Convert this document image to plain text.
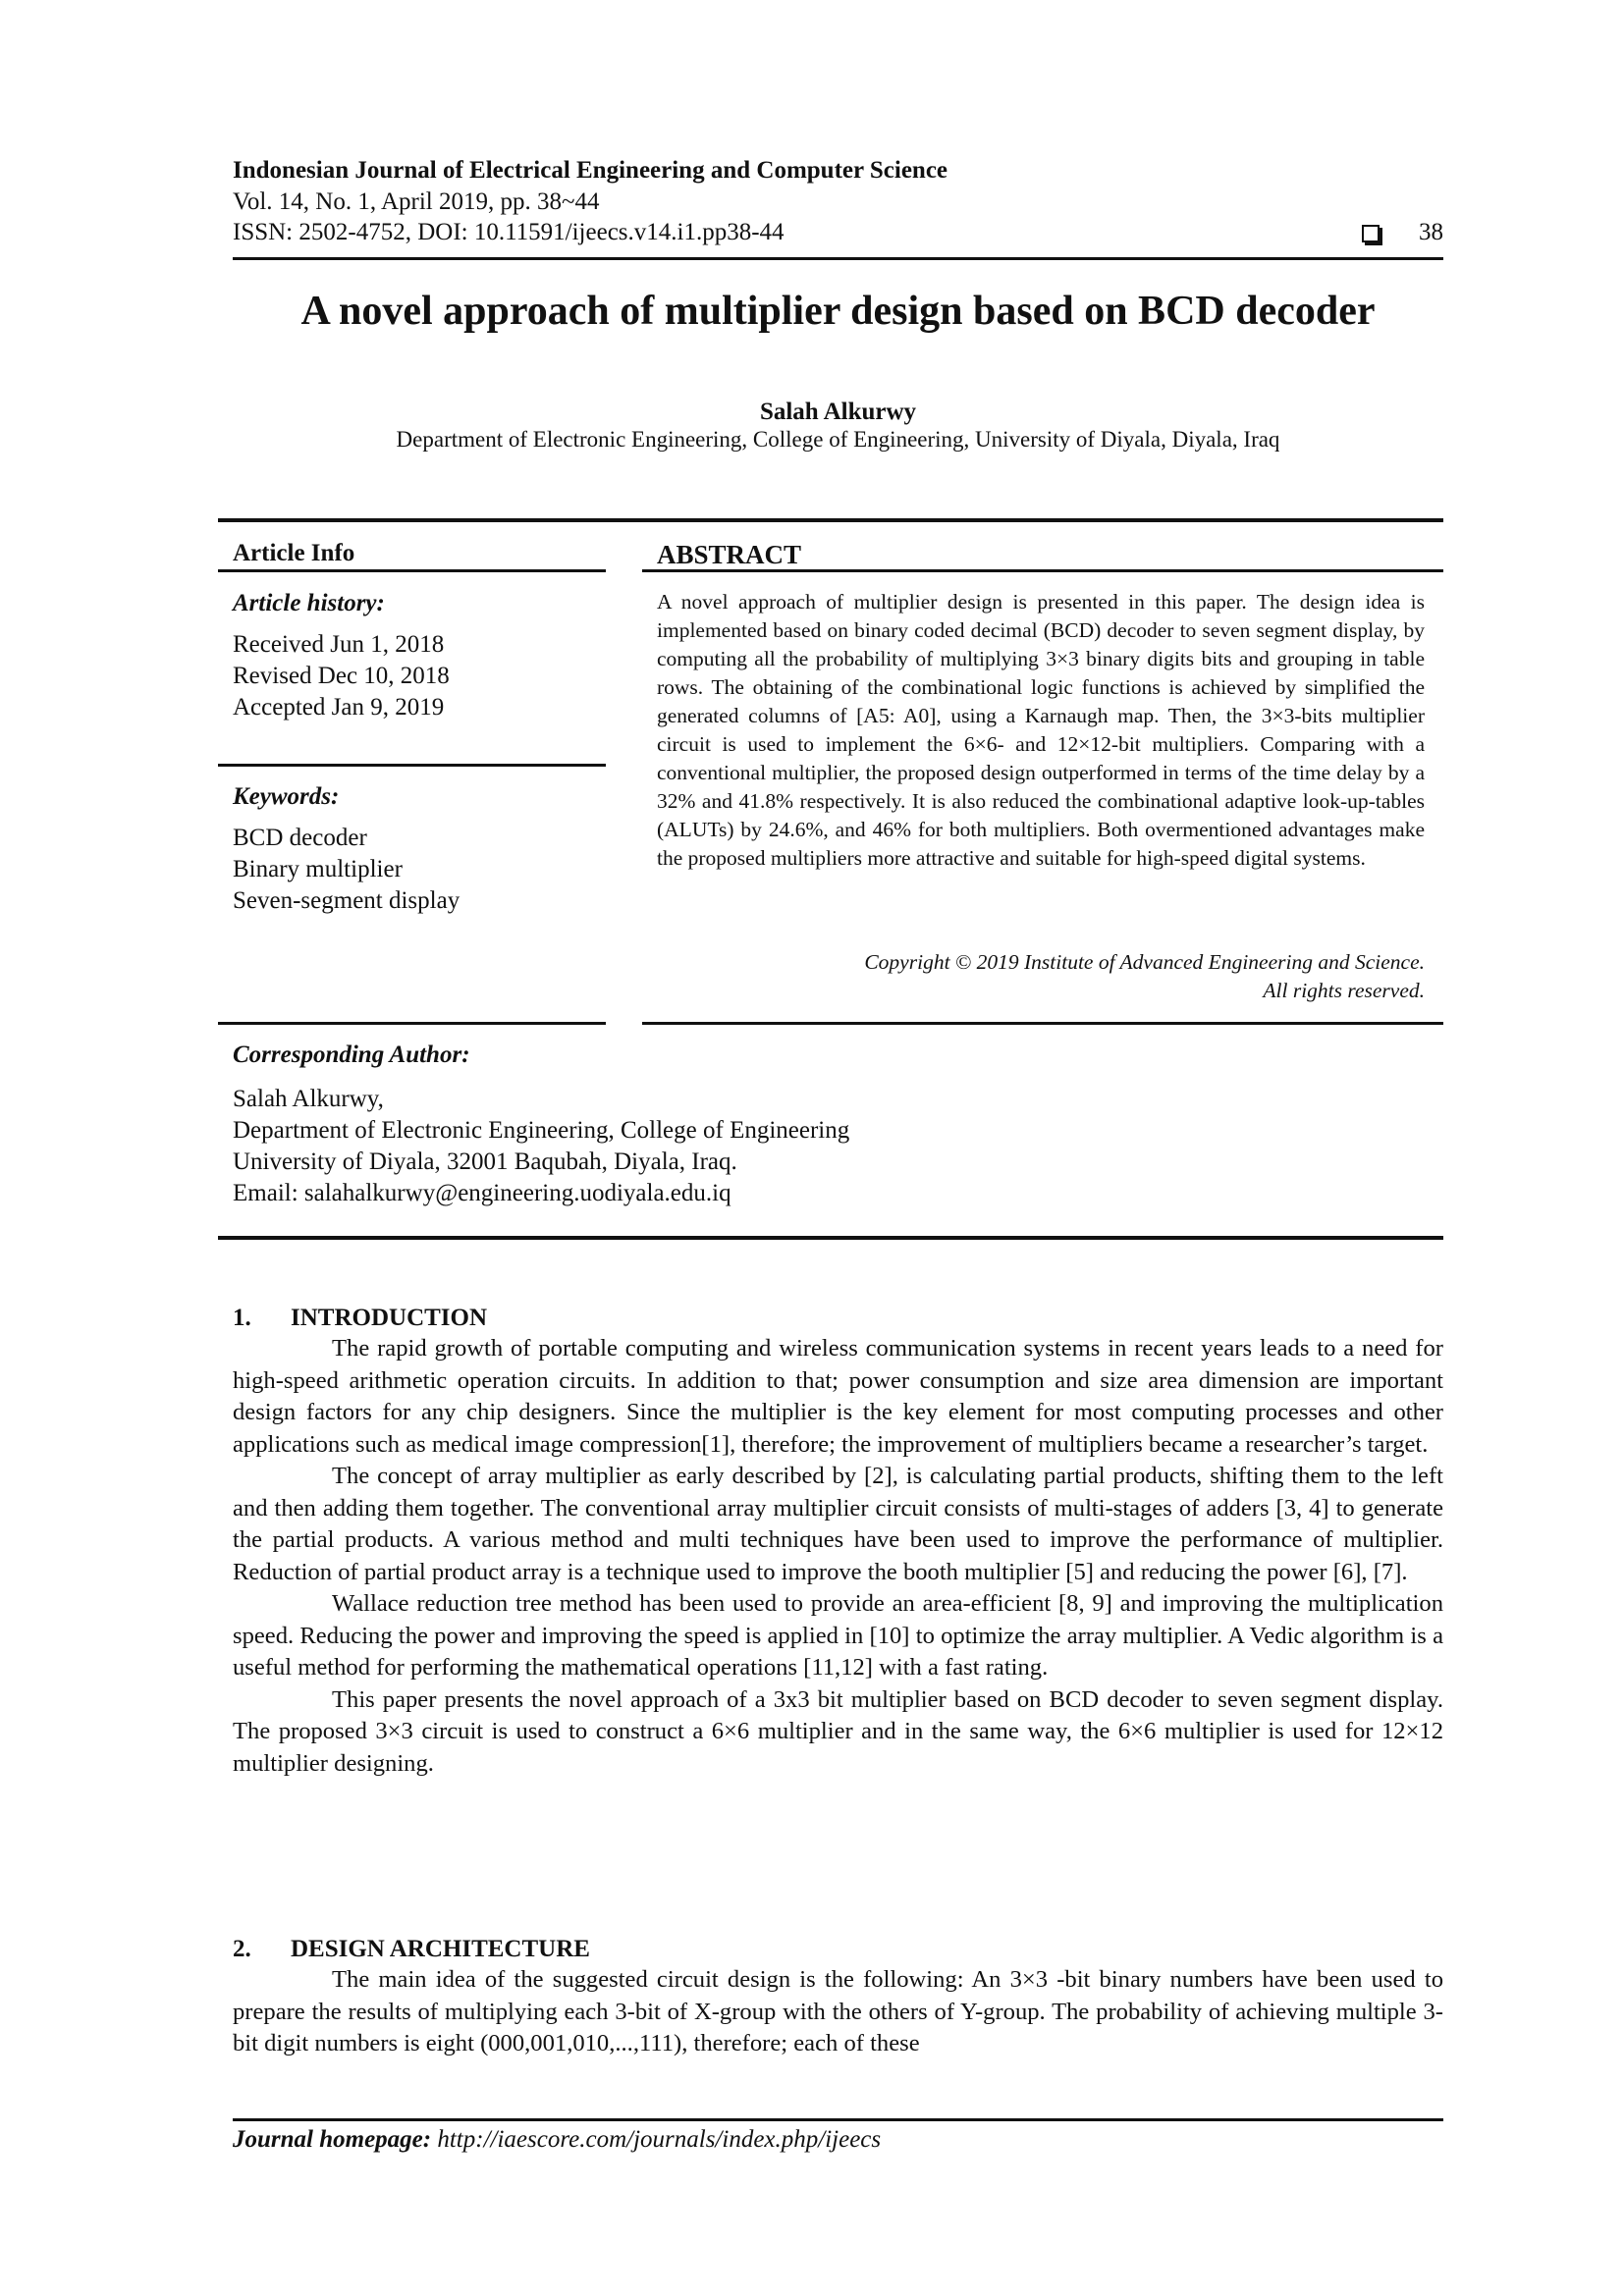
Indonesian Journal of Electrical Engineering and Computer Science
Vol. 14, No. 1, April 2019, pp. 38~44
ISSN: 2502-4752, DOI: 10.11591/ijeecs.v14.i1.pp38-44	38
A novel approach of multiplier design based on BCD decoder
Salah Alkurwy
Department of Electronic Engineering, College of Engineering, University of Diyala, Diyala, Iraq
Article Info
Article history:
Received Jun 1, 2018
Revised Dec 10, 2018
Accepted Jan 9, 2019
Keywords:
BCD decoder
Binary multiplier
Seven-segment display
ABSTRACT
A novel approach of multiplier design is presented in this paper. The design idea is implemented based on binary coded decimal (BCD) decoder to seven segment display, by computing all the probability of multiplying 3×3 binary digits bits and grouping in table rows. The obtaining of the combinational logic functions is achieved by simplified the generated columns of [A5: A0], using a Karnaugh map. Then, the 3×3-bits multiplier circuit is used to implement the 6×6- and 12×12-bit multipliers. Comparing with a conventional multiplier, the proposed design outperformed in terms of the time delay by a 32% and 41.8% respectively. It is also reduced the combinational adaptive look-up-tables (ALUTs) by 24.6%, and 46% for both multipliers. Both overmentioned advantages make the proposed multipliers more attractive and suitable for high-speed digital systems.
Copyright © 2019 Institute of Advanced Engineering and Science.
All rights reserved.
Corresponding Author:
Salah Alkurwy,
Department of Electronic Engineering, College of Engineering
University of Diyala, 32001 Baqubah, Diyala, Iraq.
Email: salahalkurwy@engineering.uodiyala.edu.iq
1. INTRODUCTION

The rapid growth of portable computing and wireless communication systems in recent years leads to a need for high-speed arithmetic operation circuits. In addition to that; power consumption and size area dimension are important design factors for any chip designers. Since the multiplier is the key element for most computing processes and other applications such as medical image compression[1], therefore; the improvement of multipliers became a researcher’s target.

The concept of array multiplier as early described by [2], is calculating partial products, shifting them to the left and then adding them together. The conventional array multiplier circuit consists of multi-stages of adders [3, 4] to generate the partial products. A various method and multi techniques have been used to improve the performance of multiplier. Reduction of partial product array is a technique used to improve the booth multiplier [5] and reducing the power [6], [7].

Wallace reduction tree method has been used to provide an area-efficient [8, 9] and improving the multiplication speed. Reducing the power and improving the speed is applied in [10] to optimize the array multiplier. A Vedic algorithm is a useful method for performing the mathematical operations [11,12] with a fast rating.

This paper presents the novel approach of a 3x3 bit multiplier based on BCD decoder to seven segment display. The proposed 3×3 circuit is used to construct a 6×6 multiplier and in the same way, the 6×6 multiplier is used for 12×12 multiplier designing.

2. DESIGN ARCHITECTURE

The main idea of the suggested circuit design is the following: An 3×3 -bit binary numbers have been used to prepare the results of multiplying each 3-bit of X-group with the others of Y-group. The probability of achieving multiple 3-bit digit numbers is eight (000,001,010,...,111), therefore; each of these

Journal homepage: http://iaescore.com/journals/index.php/ijeecs
